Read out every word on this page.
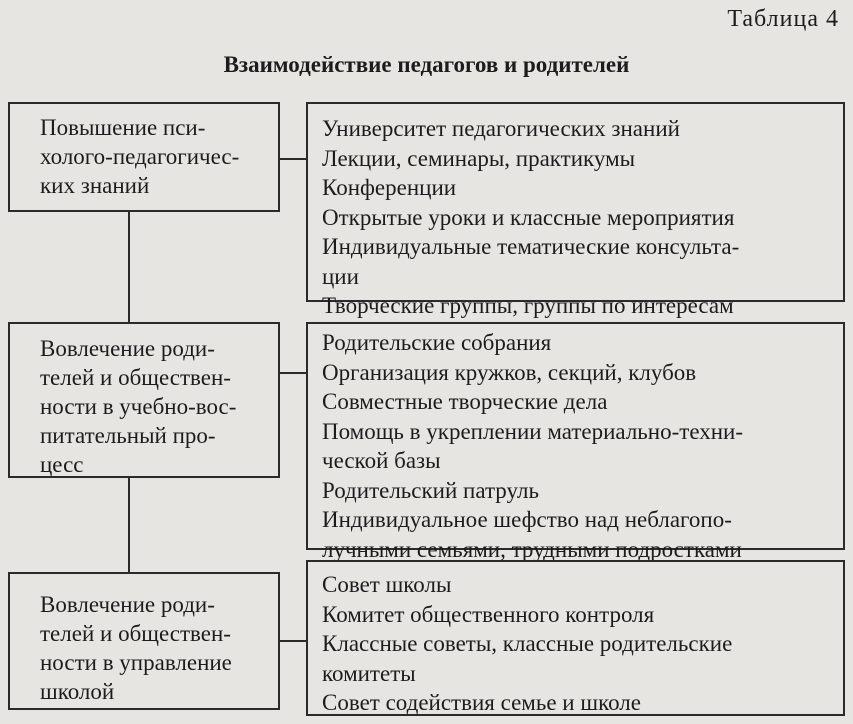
Таблица 4
Взаимодействие педагогов и родителей
Повышение пси-
холого-педагогичес-
ких знаний
Университет педагогических знаний
Лекции, семинары, практикумы
Конференции
Открытые уроки и классные мероприятия
Индивидуальные тематические консульта-
ции
Творческие группы, группы по интересам
Вовлечение роди-
телей и обществен-
ности в учебно-вос-
питательный про-
цесс
Родительские собрания
Организация кружков, секций, клубов
Совместные творческие дела
Помощь в укреплении материально-техни-
ческой базы
Родительский патруль
Индивидуальное шефство над неблагопо-
лучными семьями, трудными подростками
Вовлечение роди-
телей и обществен-
ности в управление
школой
Совет школы
Комитет общественного контроля
Классные советы, классные родительские
комитеты
Совет содействия семье и школе
